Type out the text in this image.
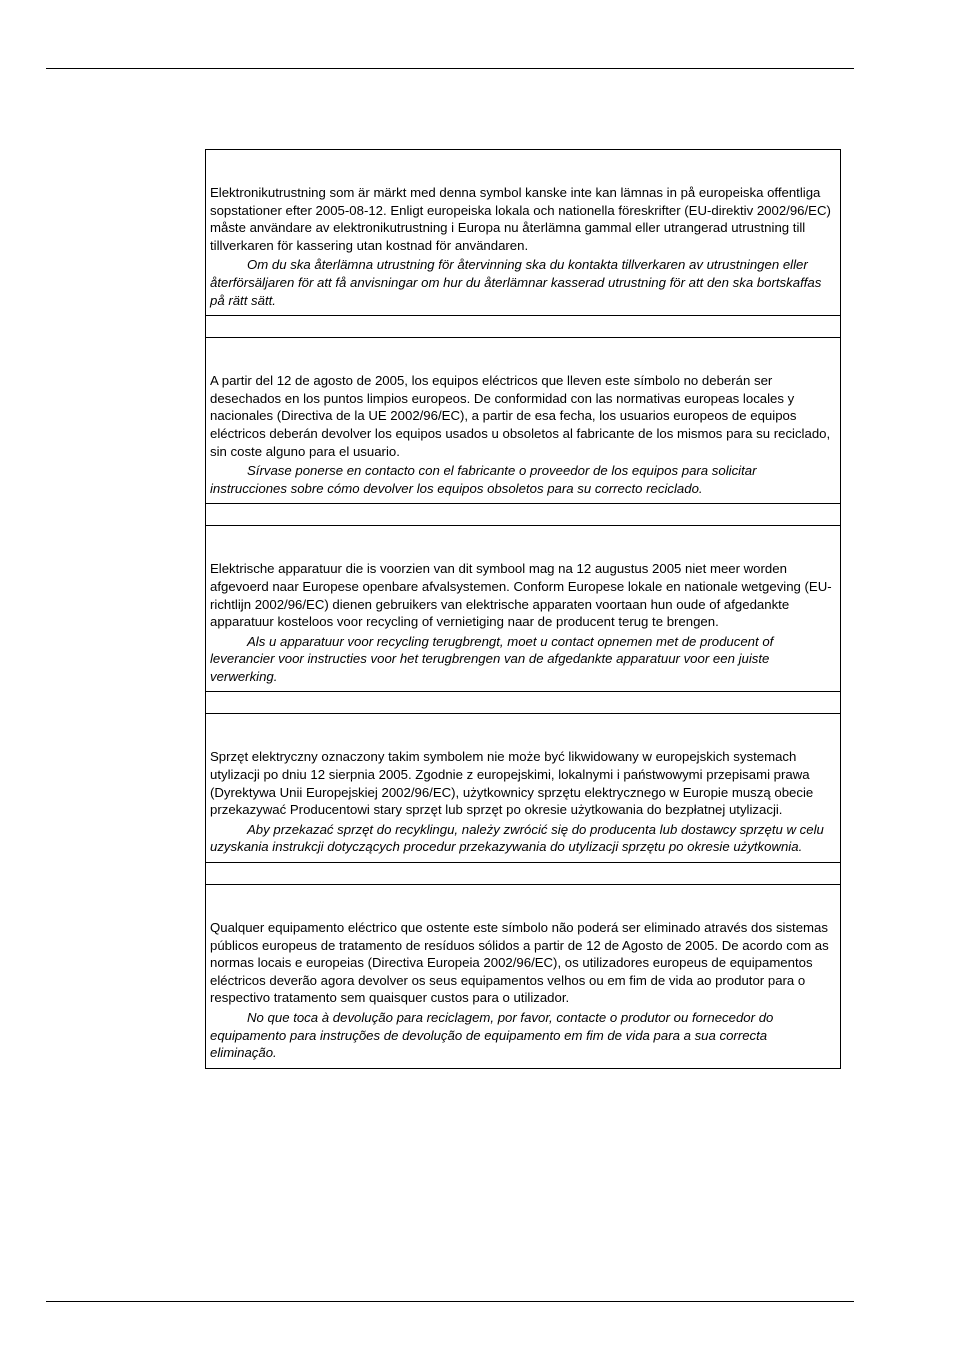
Elektronikutrustning som är märkt med denna symbol kanske inte kan lämnas in på europeiska offentliga sopstationer efter 2005-08-12. Enligt europeiska lokala och nationella föreskrifter (EU-direktiv 2002/96/EC) måste användare av elektronikutrustning i Europa nu återlämna gammal eller utrangerad utrustning till tillverkaren för kassering utan kostnad för användaren.

Om du ska återlämna utrustning för återvinning ska du kontakta tillverkaren av utrustningen eller återförsäljaren för att få anvisningar om hur du återlämnar kasserad utrustning för att den ska bortskaffas på rätt sätt.

A partir del 12 de agosto de 2005, los equipos eléctricos que lleven este símbolo no deberán ser desechados en los puntos limpios europeos. De conformidad con las normativas europeas locales y nacionales (Directiva de la UE 2002/96/EC), a partir de esa fecha, los usuarios europeos de equipos eléctricos deberán devolver los equipos usados u obsoletos al fabricante de los mismos para su reciclado, sin coste alguno para el usuario.

Sírvase ponerse en contacto con el fabricante o proveedor de los equipos para solicitar instrucciones sobre cómo devolver los equipos obsoletos para su correcto reciclado.

Elektrische apparatuur die is voorzien van dit symbool mag na 12 augustus 2005 niet meer worden afgevoerd naar Europese openbare afvalsystemen. Conform Europese lokale en nationale wetgeving (EU-richtlijn 2002/96/EC) dienen gebruikers van elektrische apparaten voortaan hun oude of afgedankte apparatuur kosteloos voor recycling of vernietiging naar de producent terug te brengen.

Als u apparatuur voor recycling terugbrengt, moet u contact opnemen met de producent of leverancier voor instructies voor het terugbrengen van de afgedankte apparatuur voor een juiste verwerking.

Sprzęt elektryczny oznaczony takim symbolem nie może być likwidowany w europejskich systemach utylizacji po dniu 12 sierpnia 2005. Zgodnie z europejskimi, lokalnymi i państwowymi przepisami prawa (Dyrektywa Unii Europejskiej 2002/96/EC), użytkownicy sprzętu elektrycznego w Europie muszą obecie przekazywać Producentowi stary sprzęt lub sprzęt po okresie użytkowania do bezpłatnej utylizacji.

Aby przekazać sprzęt do recyklingu, należy zwrócić się do producenta lub dostawcy sprzętu w celu uzyskania instrukcji dotyczących procedur przekazywania do utylizacji sprzętu po okresie użytkownia.

Qualquer equipamento eléctrico que ostente este símbolo não poderá ser eliminado através dos sistemas públicos europeus de tratamento de resíduos sólidos a partir de 12 de Agosto de 2005. De acordo com as normas locais e europeias (Directiva Europeia 2002/96/EC), os utilizadores europeus de equipamentos eléctricos deverão agora devolver os seus equipamentos velhos ou em fim de vida ao produtor para o respectivo tratamento sem quaisquer custos para o utilizador.

No que toca à devolução para reciclagem, por favor, contacte o produtor ou fornecedor do equipamento para instruções de devolução de equipamento em fim de vida para a sua correcta eliminação.
